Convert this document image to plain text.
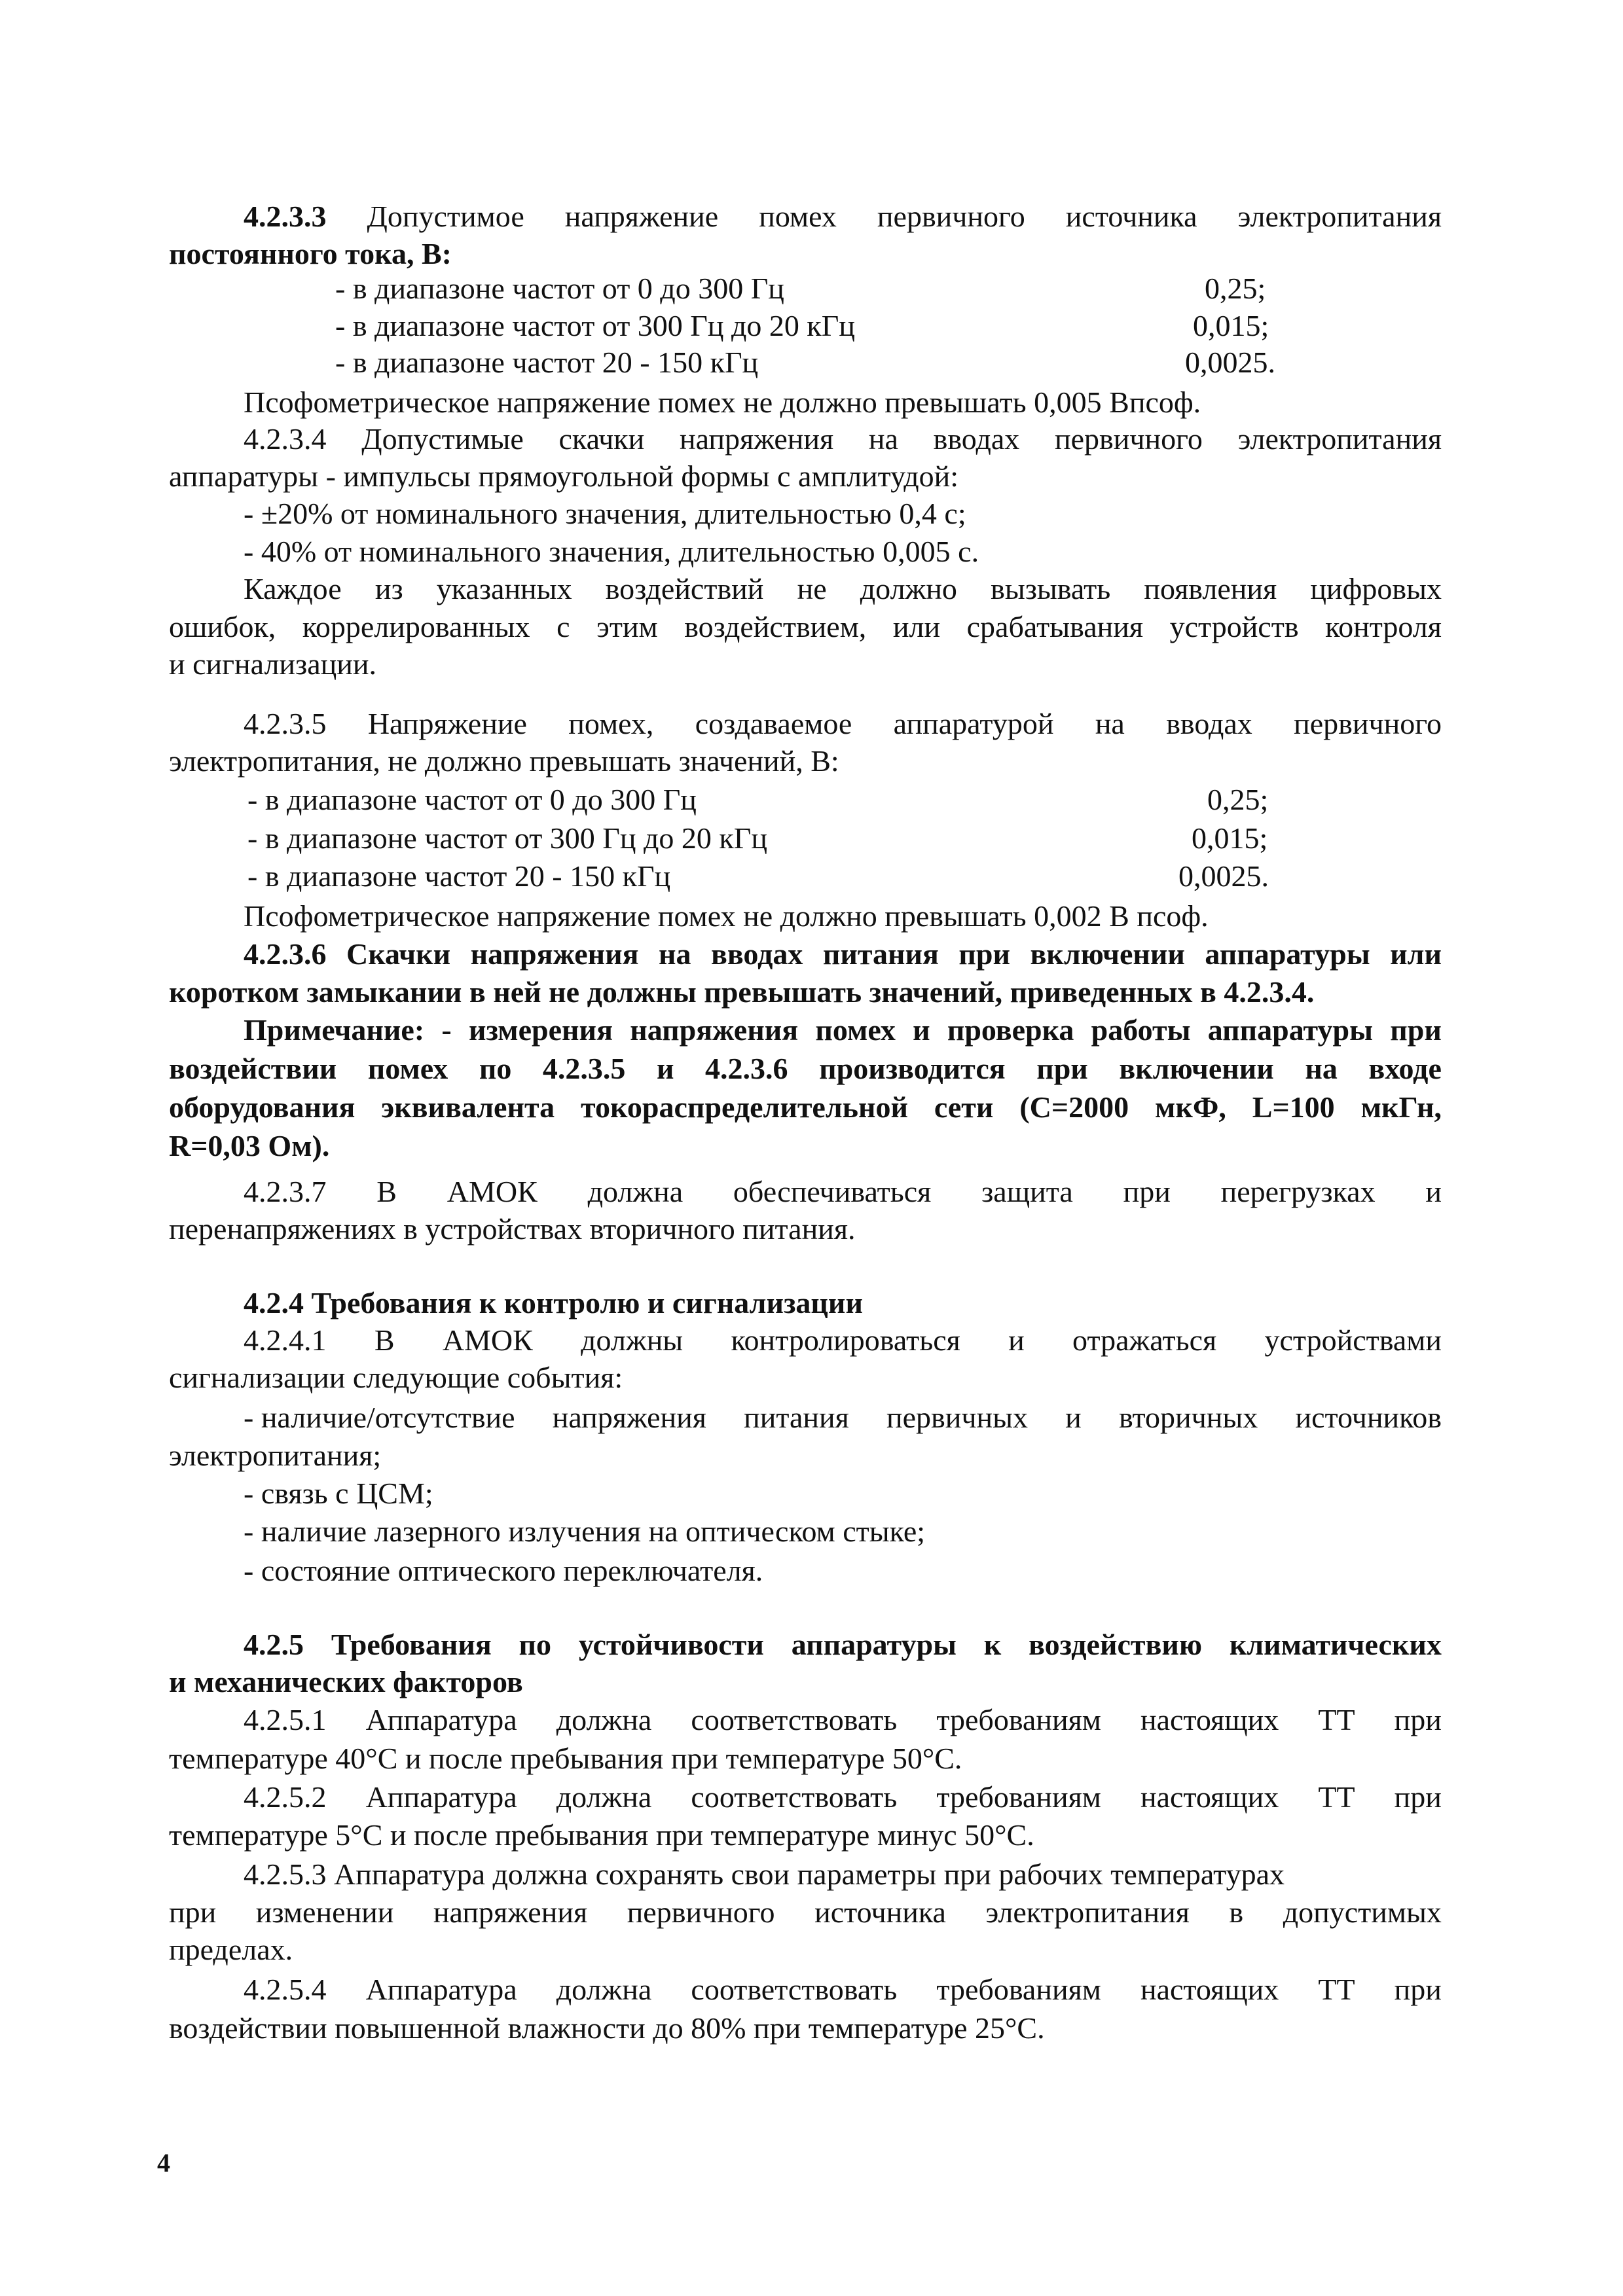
4.2.3.3 Допустимое напряжение помех первичного источника электропитания
постоянного тока, В:
- в диапазоне частот от 0 до 300 Гц	0,25;
- в диапазоне частот от 300 Гц до 20 кГц	0,015;
- в диапазоне частот 20 - 150 кГц	0,0025.
Псофометрическое напряжение помех не должно превышать 0,005 Впсоф.
4.2.3.4 Допустимые скачки напряжения на вводах первичного электропитания
аппаратуры - импульсы прямоугольной формы с амплитудой:
- ±20% от номинального значения, длительностью 0,4 с;
- 40% от номинального значения, длительностью 0,005 с.
Каждое из указанных воздействий не должно вызывать появления цифровых
ошибок, коррелированных с этим воздействием, или срабатывания устройств контроля
и сигнализации.
4.2.3.5 Напряжение помех, создаваемое аппаратурой на вводах первичного
электропитания, не должно превышать значений, В:
- в диапазоне частот от 0 до 300 Гц	0,25;
- в диапазоне частот от 300 Гц до 20 кГц	0,015;
- в диапазоне частот 20 - 150 кГц	0,0025.
Псофометрическое напряжение помех не должно превышать 0,002 В псоф.
4.2.3.6 Скачки напряжения на вводах питания при включении аппаратуры или
коротком замыкании в ней не должны превышать значений, приведенных в 4.2.3.4.
Примечание: - измерения напряжения помех и проверка работы аппаратуры при
воздействии помех по 4.2.3.5 и 4.2.3.6 производится при включении на входе
оборудования эквивалента токораспределительной сети (С=2000 мкФ, L=100 мкГн,
R=0,03 Ом).
4.2.3.7 В АМОК должна обеспечиваться защита при перегрузках и
перенапряжениях в устройствах вторичного питания.
4.2.4 Требования к контролю и сигнализации
4.2.4.1 В АМОК должны контролироваться и отражаться устройствами
сигнализации следующие события:
- наличие/отсутствие напряжения питания первичных и вторичных источников
электропитания;
- связь с ЦСМ;
- наличие лазерного излучения на оптическом стыке;
- состояние оптического переключателя.
4.2.5 Требования по устойчивости аппаратуры к воздействию климатических
и механических факторов
4.2.5.1 Аппаратура должна соответствовать требованиям настоящих ТТ при
температуре 40°С и после пребывания при температуре 50°С.
4.2.5.2 Аппаратура должна соответствовать требованиям настоящих ТТ при
температуре 5°С и после пребывания при температуре минус 50°С.
4.2.5.3 Аппаратура должна сохранять свои параметры при рабочих температурах
при изменении напряжения первичного источника электропитания в допустимых
пределах.
4.2.5.4 Аппаратура должна соответствовать требованиям настоящих ТТ при
воздействии повышенной влажности до 80% при температуре 25°С.
4
